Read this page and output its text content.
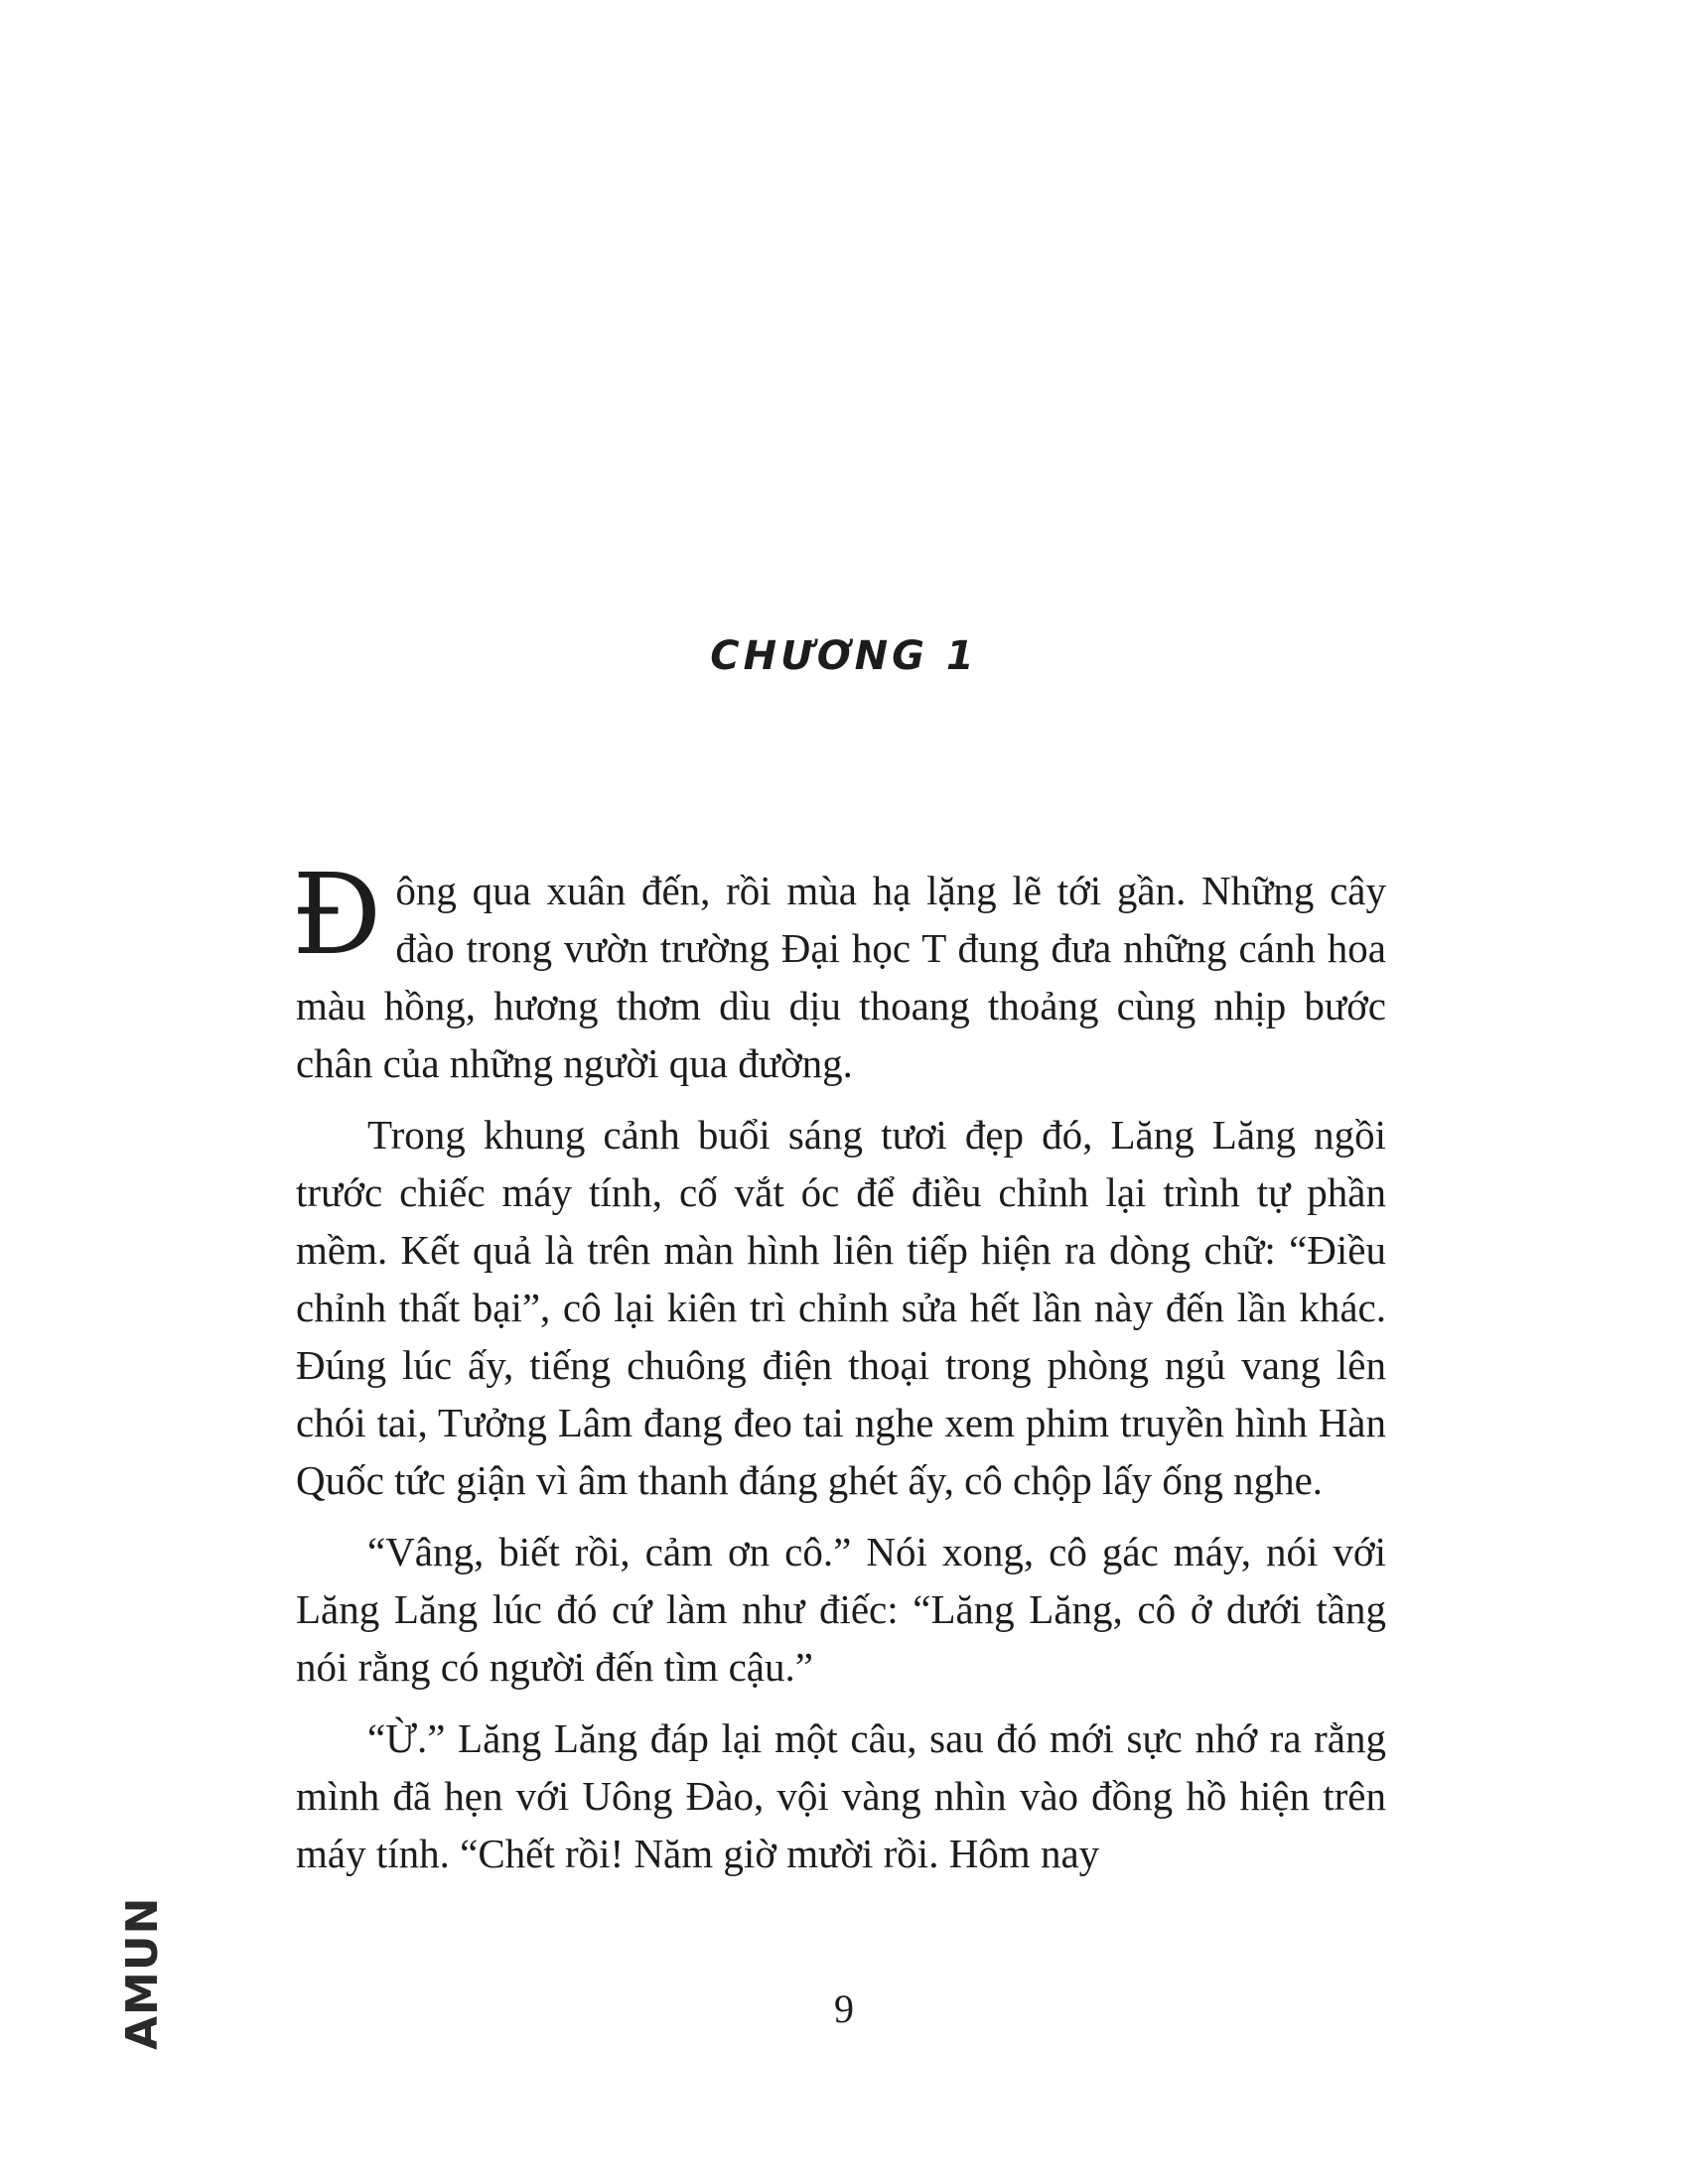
CHƯƠNG 1

Đông qua xuân đến, rồi mùa hạ lặng lẽ tới gần. Những cây đào trong vườn trường Đại học T đung đưa những cánh hoa màu hồng, hương thơm dìu dịu thoang thoảng cùng nhịp bước chân của những người qua đường.

Trong khung cảnh buổi sáng tươi đẹp đó, Lăng Lăng ngồi trước chiếc máy tính, cố vắt óc để điều chỉnh lại trình tự phần mềm. Kết quả là trên màn hình liên tiếp hiện ra dòng chữ: “Điều chỉnh thất bại”, cô lại kiên trì chỉnh sửa hết lần này đến lần khác. Đúng lúc ấy, tiếng chuông điện thoại trong phòng ngủ vang lên chói tai, Tưởng Lâm đang đeo tai nghe xem phim truyền hình Hàn Quốc tức giận vì âm thanh đáng ghét ấy, cô chộp lấy ống nghe.

“Vâng, biết rồi, cảm ơn cô.” Nói xong, cô gác máy, nói với Lăng Lăng lúc đó cứ làm như điếc: “Lăng Lăng, cô ở dưới tầng nói rằng có người đến tìm cậu.”

“Ừ.” Lăng Lăng đáp lại một câu, sau đó mới sực nhớ ra rằng mình đã hẹn với Uông Đào, vội vàng nhìn vào đồng hồ hiện trên máy tính. “Chết rồi! Năm giờ mười rồi. Hôm nay

9
AMUN
